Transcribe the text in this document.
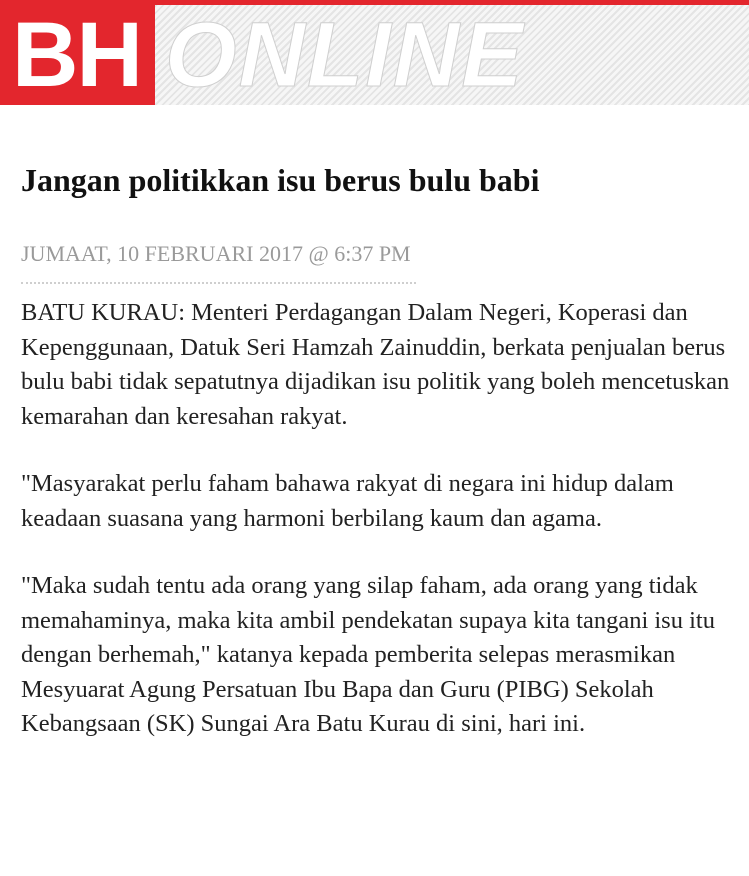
BH ONLINE
Jangan politikkan isu berus bulu babi
JUMAAT, 10 FEBRUARI 2017 @ 6:37 PM

BATU KURAU: Menteri Perdagangan Dalam Negeri, Koperasi dan Kepenggunaan, Datuk Seri Hamzah Zainuddin, berkata penjualan berus bulu babi tidak sepatutnya dijadikan isu politik yang boleh mencetuskan kemarahan dan keresahan rakyat.

"Masyarakat perlu faham bahawa rakyat di negara ini hidup dalam keadaan suasana yang harmoni berbilang kaum dan agama.

"Maka sudah tentu ada orang yang silap faham, ada orang yang tidak memahaminya, maka kita ambil pendekatan supaya kita tangani isu itu dengan berhemah," katanya kepada pemberita selepas merasmikan Mesyuarat Agung Persatuan Ibu Bapa dan Guru (PIBG) Sekolah Kebangsaan (SK) Sungai Ara Batu Kurau di sini, hari ini.
